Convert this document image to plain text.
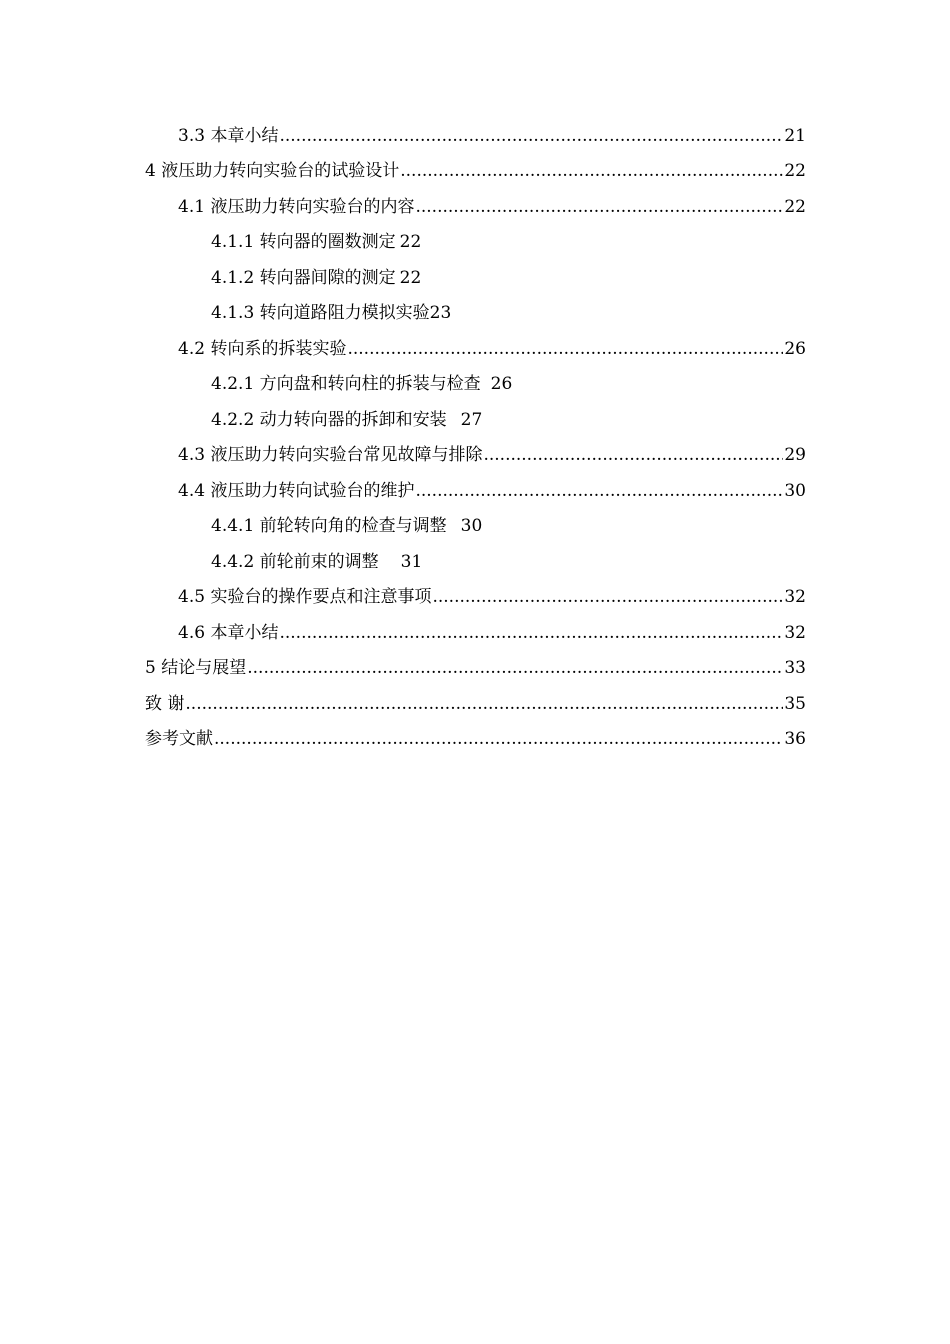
3.3 本章小结 .....	21
4 液压助力转向实验台的试验设计 .....	22
4.1 液压助力转向实验台的内容 .....	22
4.1.1 转向器的圈数测定 22
4.1.2 转向器间隙的测定 22
4.1.3 转向道路阻力模拟实验 23
4.2 转向系的拆装实验 .....	26
4.2.1 方向盘和转向柱的拆装与检查 26
4.2.2 动力转向器的拆卸和安装 27
4.3 液压助力转向实验台常见故障与排除 .....	29
4.4 液压助力转向试验台的维护 .....	30
4.4.1 前轮转向角的检查与调整 30
4.4.2 前轮前束的调整 31
4.5 实验台的操作要点和注意事项 .....	32
4.6 本章小结 .....	32
5 结论与展望 .....	33
致 谢 .....	35
参考文献 .....	36
